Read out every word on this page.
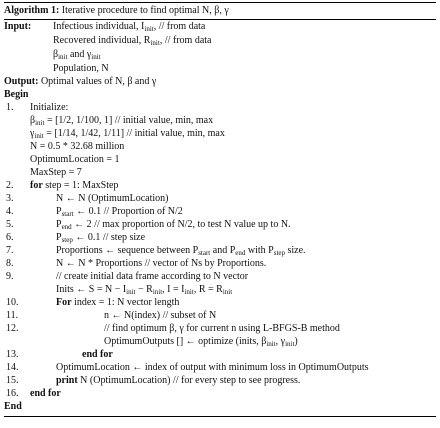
Algorithm 1: Iterative procedure to find optimal N, β, γ
Input: Infectious individual, $I_{init}$, // from data
Recovered individual, $R_{init}$, // from data
$\beta_{init}$ and $\gamma_{init}$
Population, N
Output: Optimal values of N, β and γ
Begin
1. Initialize:
$\beta_{init} = [1/2$, 1/100, 1] // initial value, min, max
$\gamma_{init} = [1/14$, 1/42, 1/11] // initial value, min, max
N = 0.5 * 32.68 million
OptimumLocation = 1
MaxStep = 7
2. for step = 1: MaxStep
3.	N ← N (OptimumLocation)
4.	$P_{start}$ ← 0.1 // Proportion of N/2
5.	$P_{end}$ ← 2 // max proportion of N/2, to test N value up to N.
6.	$P_{step}$ ← 0.1 // step size
7.	Proportions ← sequence between $P_{start}$ and $P_{end}$ with $P_{step}$ size.
8.	N ← N * Proportions // vector of Ns by Proportions.
9.	// create initial data frame according to N vector
Inits ← $S = N - I_{init} - R_{init}$, $I = I_{init}$, $R = R_{init}$
10.	For index = 1: N vector length
11.	n ← N(index) // subset of N
12.	// find optimum β, γ for current n using L-BFGS-B method
OptimumOutputs [] ← optimize (inits, $\beta_{init}$, $\gamma_{init}$)
13.	end for
14.	OptimumLocation ← index of output with minimum loss in OptimumOutputs
15.	print N (OptimumLocation) // for every step to see progress.
16. end for
End
